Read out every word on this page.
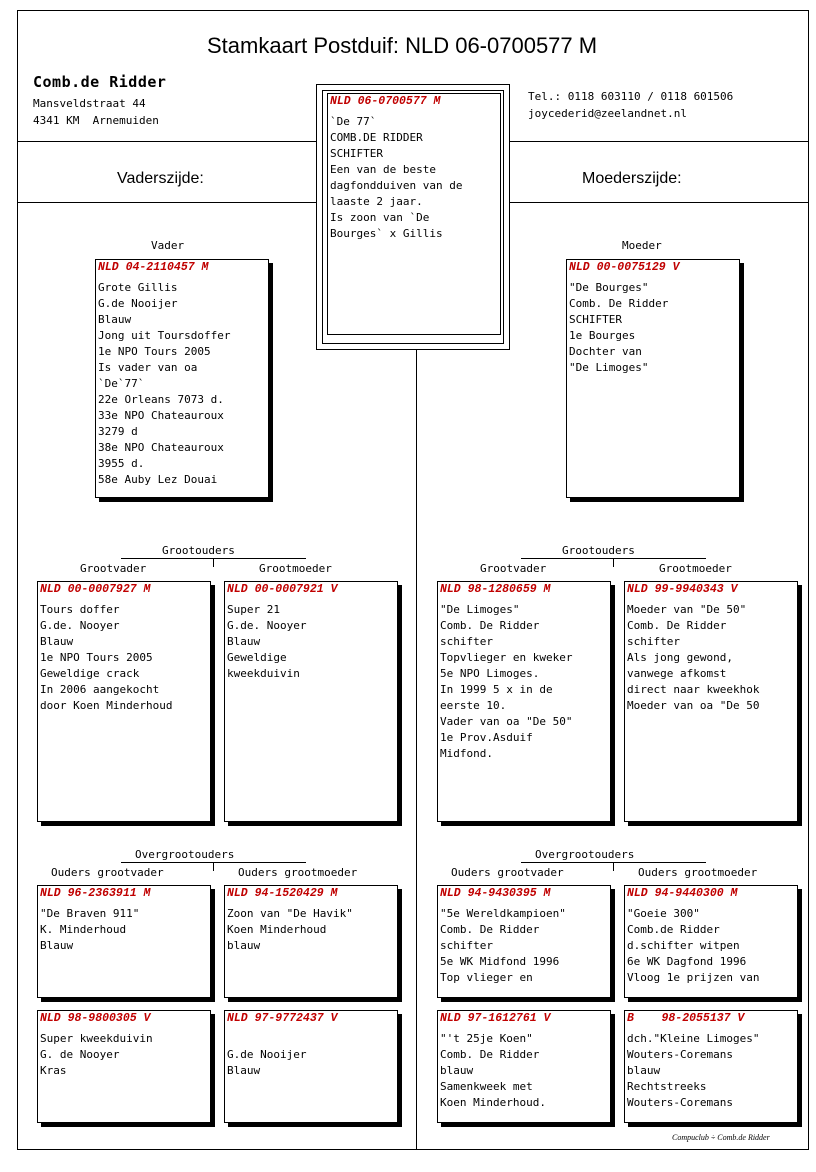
Stamkaart Postduif: NLD 06-0700577 M
Comb.de Ridder
Mansveldstraat 44
4341 KM  Arnemuiden
Tel.: 0118 603110 / 0118 601506
joycederid@zeelandnet.nl
Vaderszijde:	Moederszijde:
NLD 06-0700577 M
`De 77`
COMB.DE RIDDER
SCHIFTER
Een van de beste
dagfondduiven van de
laaste 2 jaar.
Is zoon van `De
Bourges` x Gillis
Vader	Moeder
NLD 04-2110457 M
Grote Gillis
G.de Nooijer
Blauw
Jong uit Toursdoffer
1e NPO Tours 2005
Is vader van oa
`De`77`
22e Orleans 7073 d.
33e NPO Chateauroux
3279 d
38e NPO Chateauroux
3955 d.
58e Auby Lez Douai
NLD 00-0075129 V
"De Bourges"
Comb. De Ridder
SCHIFTER
1e Bourges
Dochter van
"De Limoges"
Grootouders
Grootvader	Grootmoeder
Grootouders
Grootvader	Grootmoeder
NLD 00-0007927 M
Tours doffer
G.de. Nooyer
Blauw
1e NPO Tours 2005
Geweldige crack
In 2006 aangekocht
door Koen Minderhoud
NLD 00-0007921 V
Super 21
G.de. Nooyer
Blauw
Geweldige
kweekduivin
NLD 98-1280659 M
"De Limoges"
Comb. De Ridder
schifter
Topvlieger en kweker
5e NPO Limoges.
In 1999 5 x in de
eerste 10.
Vader van oa "De 50"
1e Prov.Asduif
Midfond.
NLD 99-9940343 V
Moeder van "De 50"
Comb. De Ridder
schifter
Als jong gewond,
vanwege afkomst
direct naar kweekhok
Moeder van oa "De 50
Overgrootouders
Ouders grootvader	Ouders grootmoeder
Overgrootouders
Ouders grootvader	Ouders grootmoeder
NLD 96-2363911 M
"De Braven 911"
K. Minderhoud
Blauw
NLD 94-1520429 M
Zoon van "De Havik"
Koen Minderhoud
blauw
NLD 94-9430395 M
"5e Wereldkampioen"
Comb. De Ridder
schifter
5e WK Midfond 1996
Top vlieger en
NLD 94-9440300 M
"Goeie 300"
Comb.de Ridder
d.schifter witpen
6e WK Dagfond 1996
Vloog 1e prijzen van
NLD 98-9800305 V
Super kweekduivin
G. de Nooyer
Kras
NLD 97-9772437 V
G.de Nooijer
Blauw
NLD 97-1612761 V
"'t 25je Koen"
Comb. De Ridder
blauw
Samenkweek met
Koen Minderhoud.
B    98-2055137 V
dch."Kleine Limoges"
Wouters-Coremans
blauw
Rechtstreeks
Wouters-Coremans
Compuclub ÷ Comb.de Ridder
